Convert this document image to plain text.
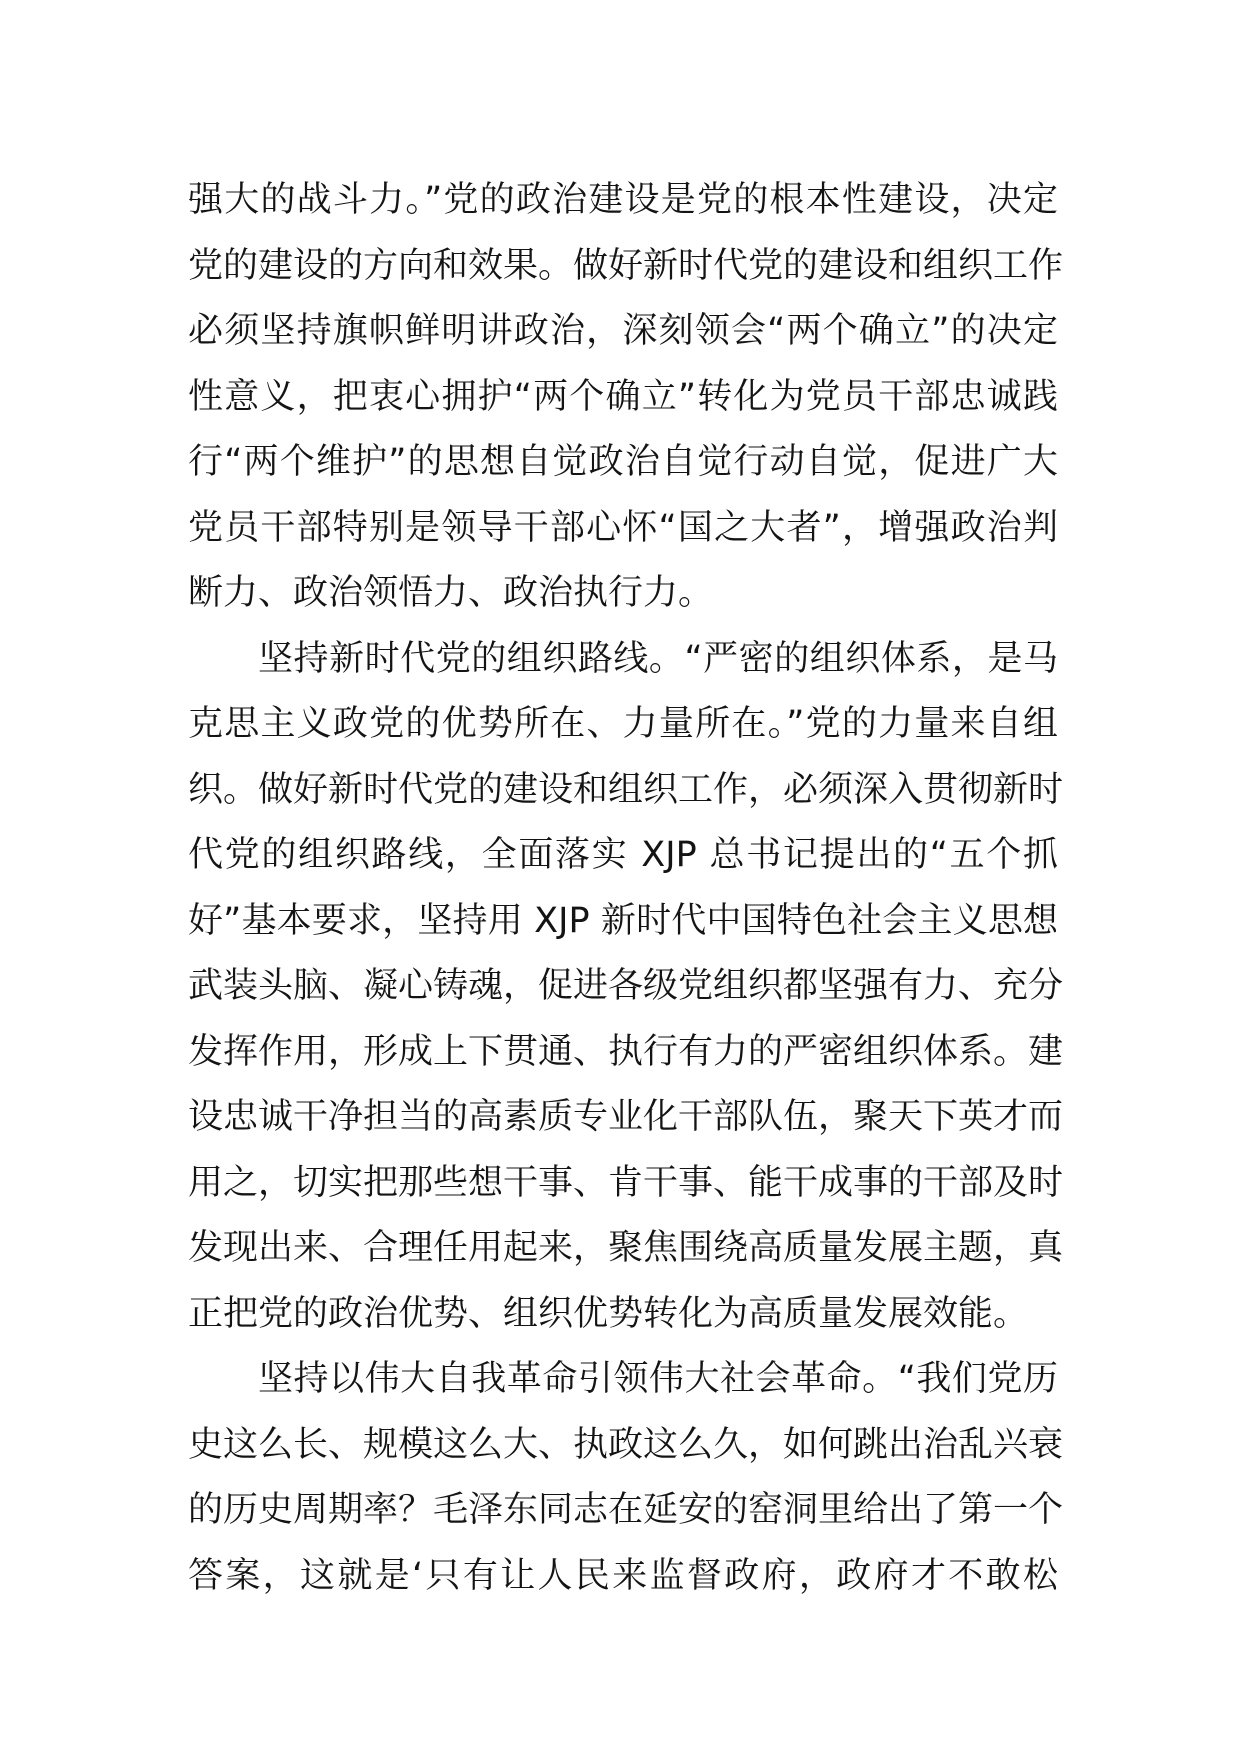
强大的战斗力。”党的政治建设是党的根本性建设，决定
党的建设的方向和效果。做好新时代党的建设和组织工作
必须坚持旗帜鲜明讲政治，深刻领会“两个确立”的决定
性意义，把衷心拥护“两个确立”转化为党员干部忠诚践
行“两个维护”的思想自觉政治自觉行动自觉，促进广大
党员干部特别是领导干部心怀“国之大者”，增强政治判
断力、政治领悟力、政治执行力。
坚持新时代党的组织路线。“严密的组织体系，是马
克思主义政党的优势所在、力量所在。”党的力量来自组
织。做好新时代党的建设和组织工作，必须深入贯彻新时
代党的组织路线，全面落实 XJP 总书记提出的“五个抓
好”基本要求，坚持用 XJP 新时代中国特色社会主义思想
武装头脑、凝心铸魂，促进各级党组织都坚强有力、充分
发挥作用，形成上下贯通、执行有力的严密组织体系。建
设忠诚干净担当的高素质专业化干部队伍，聚天下英才而
用之，切实把那些想干事、肯干事、能干成事的干部及时
发现出来、合理任用起来，聚焦围绕高质量发展主题，真
正把党的政治优势、组织优势转化为高质量发展效能。
坚持以伟大自我革命引领伟大社会革命。“我们党历
史这么长、规模这么大、执政这么久，如何跳出治乱兴衰
的历史周期率？毛泽东同志在延安的窑洞里给出了第一个
答案，这就是‘只有让人民来监督政府，政府才不敢松
